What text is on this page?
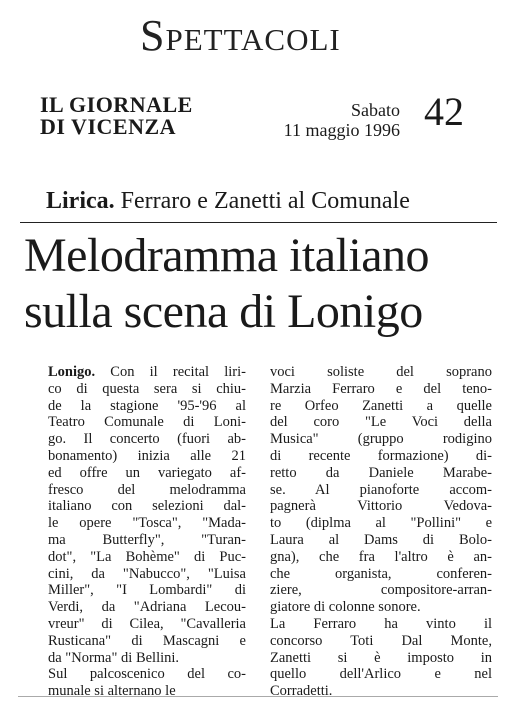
Spettacoli
IL GIORNALE
DI VICENZA
Sabato
11 maggio 1996 42
Lirica. Ferraro e Zanetti al Comunale
Melodramma italiano
sulla scena di Lonigo
Lonigo. Con il recital liri-
co di questa sera si chiu-
de la stagione '95-'96 al
Teatro Comunale di Loni-
go. Il concerto (fuori ab-
bonamento) inizia alle 21
ed offre un variegato af-
fresco del melodramma
italiano con selezioni dal-
le opere "Tosca", "Mada-
ma Butterfly", "Turan-
dot", "La Bohème" di Puc-
cini, da "Nabucco", "Luisa
Miller", "I Lombardi" di
Verdi, da "Adriana Lecou-
vreur" di Cilea, "Cavalleria
Rusticana" di Mascagni e
da "Norma" di Bellini.
Sul palcoscenico del co-
munale si alternano le
voci soliste del soprano
Marzia Ferraro e del teno-
re Orfeo Zanetti a quelle
del coro "Le Voci della
Musica" (gruppo rodigino
di recente formazione) di-
retto da Daniele Marabe-
se. Al pianoforte accom-
pagnerà Vittorio Vedova-
to (diplma al "Pollini" e
Laura al Dams di Bolo-
gna), che fra l'altro è an-
che organista, conferen-
ziere, compositore-arran-
giatore di colonne sonore.
La Ferraro ha vinto il
concorso Toti Dal Monte,
Zanetti si è imposto in
quello dell'Arlico e nel
Corradetti.
